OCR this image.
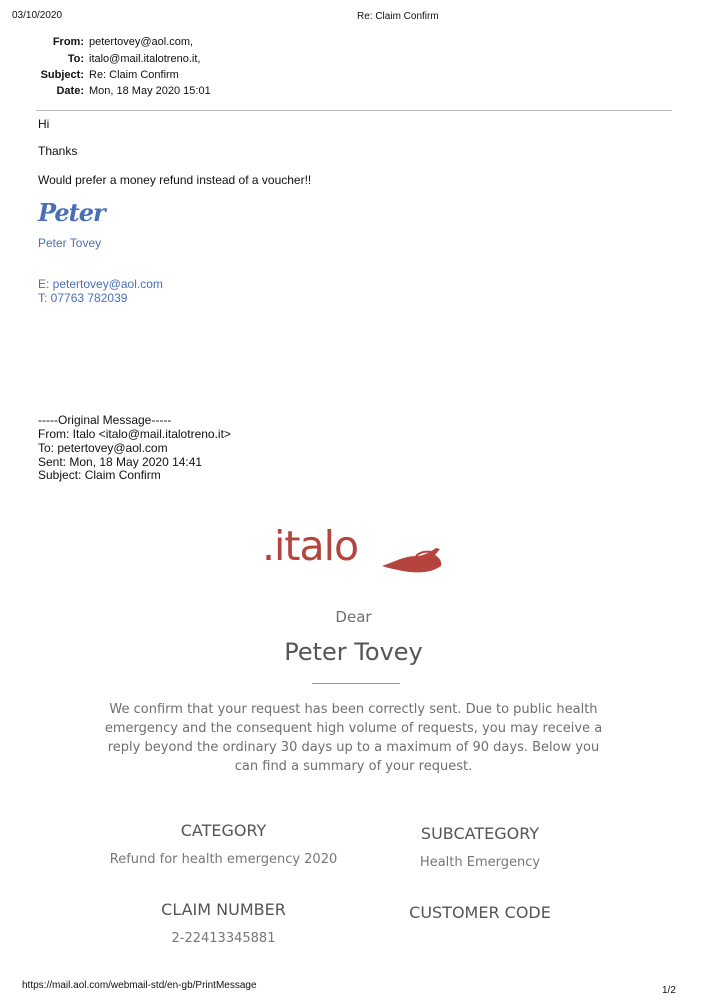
03/10/2020	Re: Claim Confirm
From: petertovey@aol.com,
To: italo@mail.italotreno.it,
Subject: Re: Claim Confirm
Date: Mon, 18 May 2020 15:01
Hi
Thanks
Would prefer a money refund instead of a voucher!!
Peter
Peter Tovey
E: petertovey@aol.com
T: 07763 782039
-----Original Message-----
From: Italo <italo@mail.italotreno.it>
To: petertovey@aol.com
Sent: Mon, 18 May 2020 14:41
Subject: Claim Confirm
.italo
Dear
Peter Tovey
We confirm that your request has been correctly sent. Due to public health
emergency and the consequent high volume of requests, you may receive a
reply beyond the ordinary 30 days up to a maximum of 90 days. Below you
can find a summary of your request.
CATEGORY
Refund for health emergency 2020
SUBCATEGORY
Health Emergency
CLAIM NUMBER
2-22413345881
CUSTOMER CODE
https://mail.aol.com/webmail-std/en-gb/PrintMessage	1/2
